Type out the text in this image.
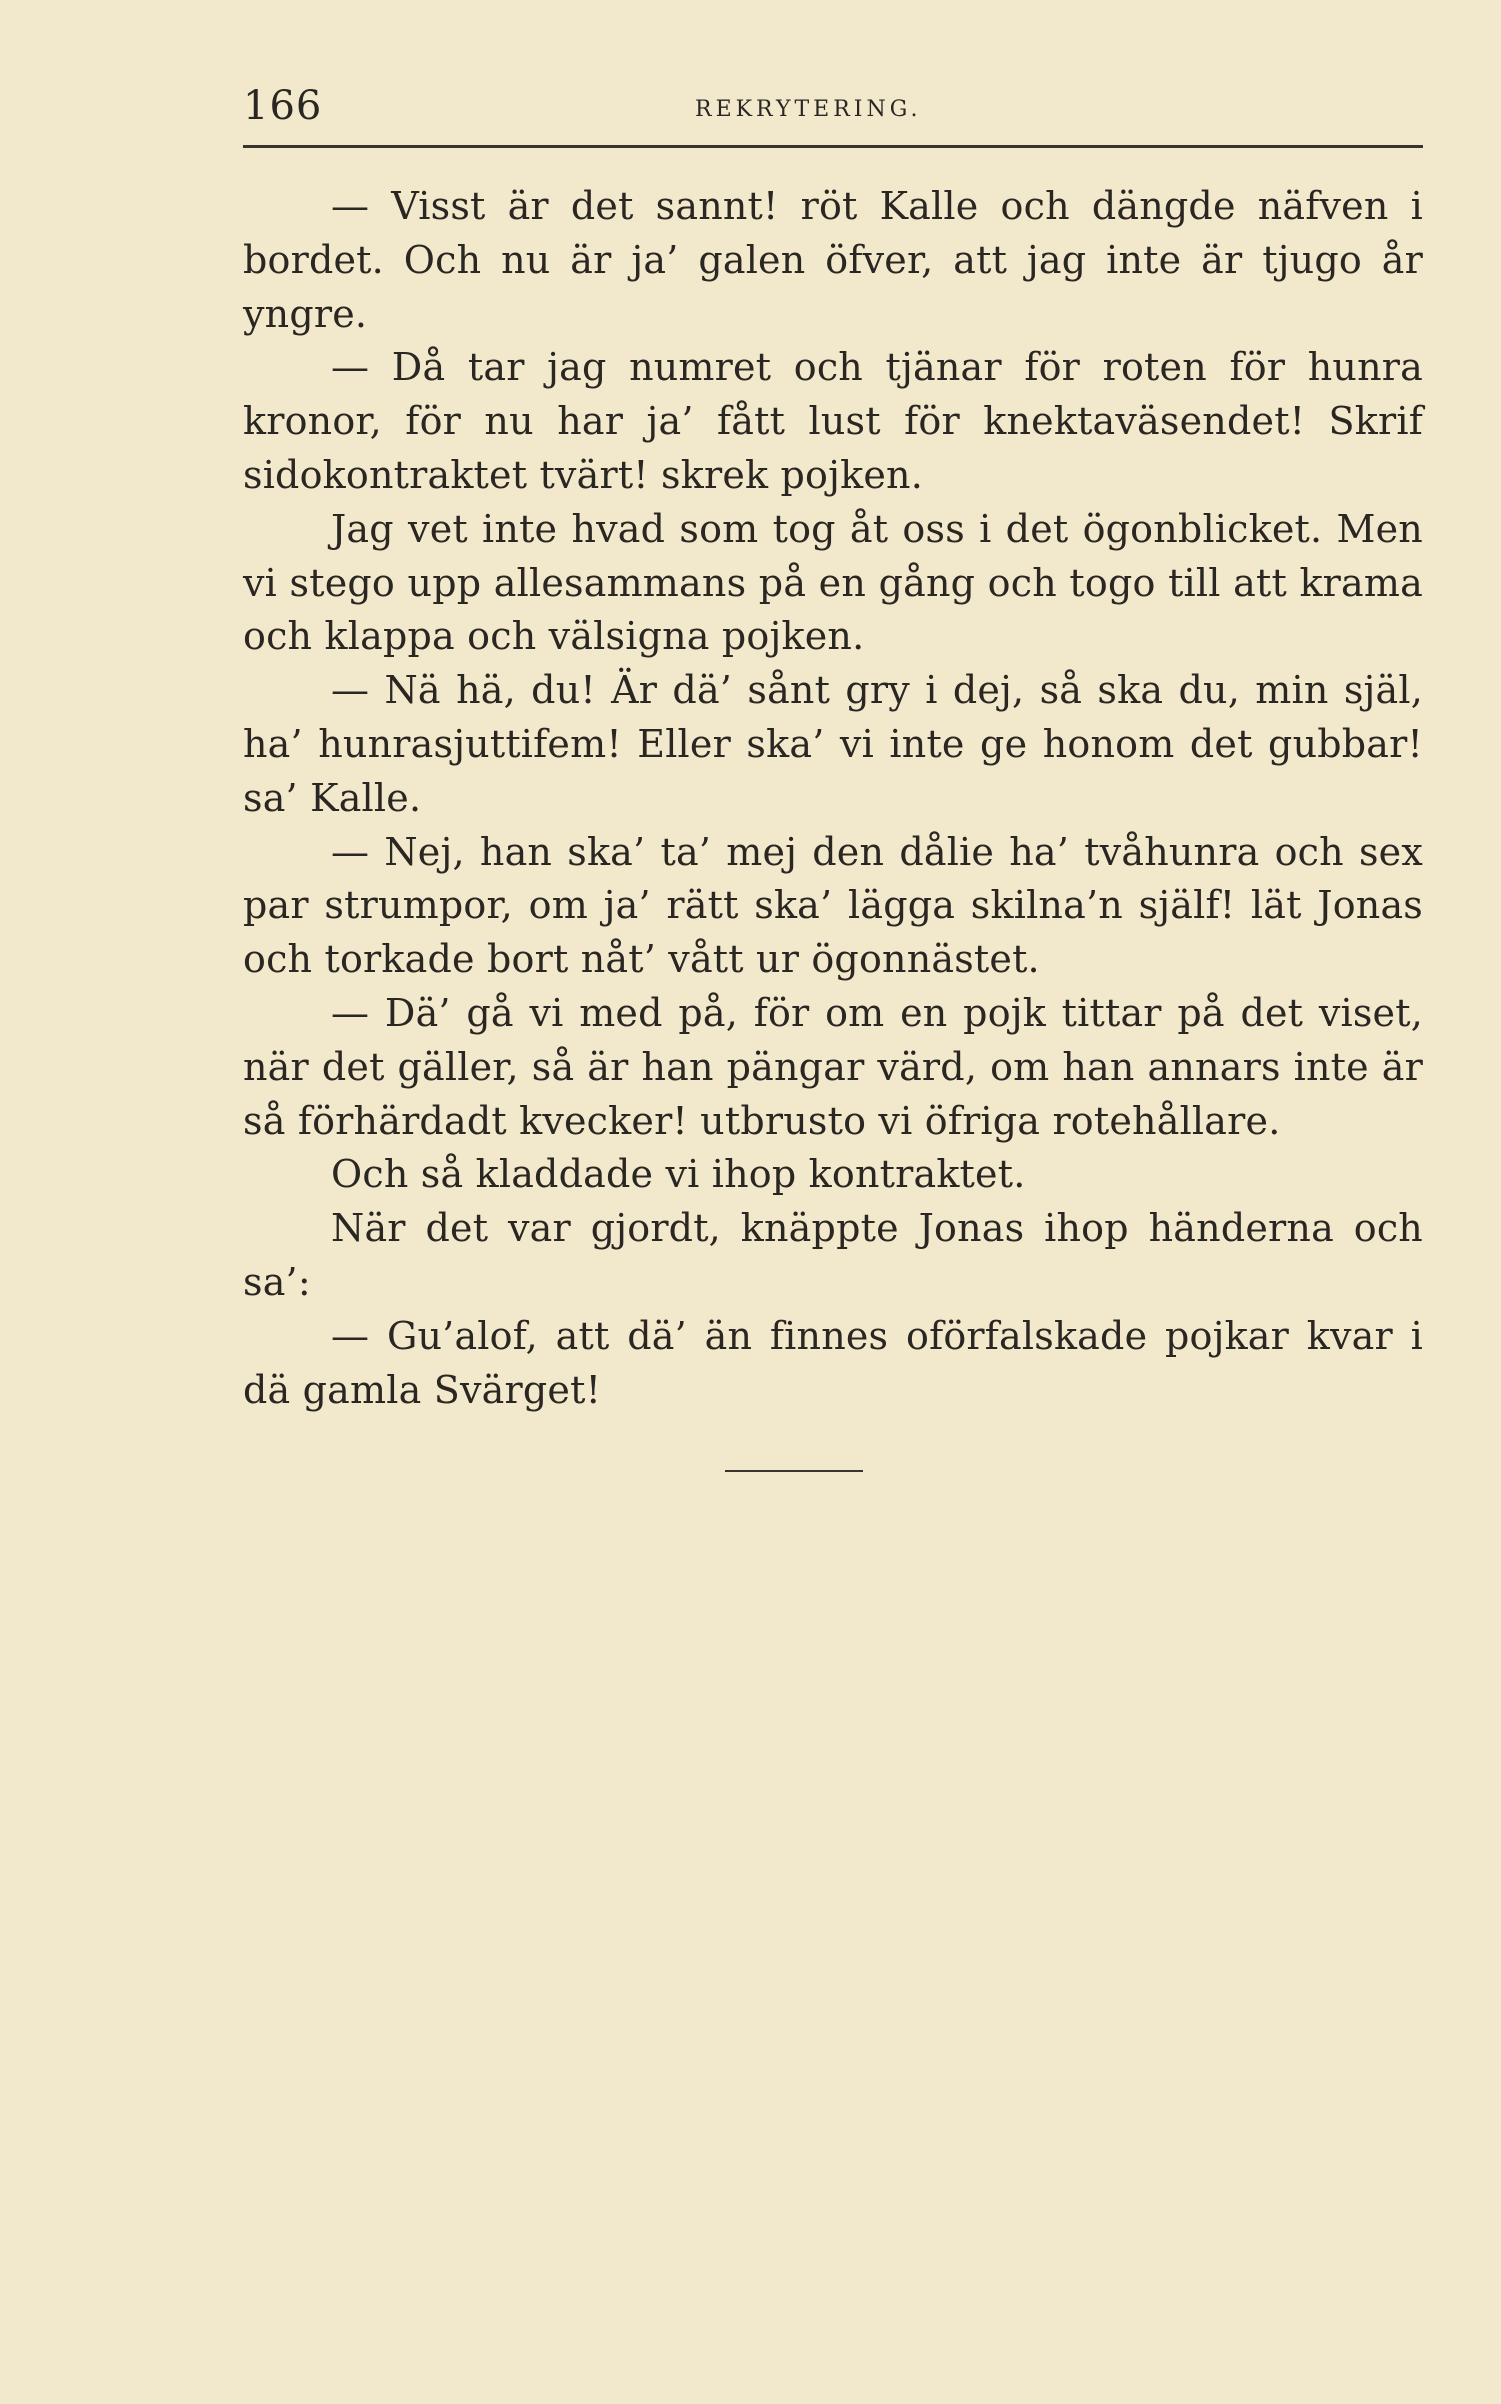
166	REKRYTERING.

— Visst är det sannt! röt Kalle och dängde näfven i bordet. Och nu är ja’ galen öfver, att jag inte är tjugo år yngre.

— Då tar jag numret och tjänar för roten för hunra kronor, för nu har ja’ fått lust för knektaväsendet! Skrif sidokontraktet tvärt! skrek pojken.

Jag vet inte hvad som tog åt oss i det ögonblicket. Men vi stego upp allesammans på en gång och togo till att krama och klappa och välsigna pojken.

— Nä hä, du! Är dä’ sånt gry i dej, så ska du, min själ, ha’ hunrasjuttifem! Eller ska’ vi inte ge honom det gubbar! sa’ Kalle.

— Nej, han ska’ ta’ mej den dålie ha’ tvåhunra och sex par strumpor, om ja’ rätt ska’ lägga skilna’n själf! lät Jonas och torkade bort nåt’ vått ur ögonnästet.

— Dä’ gå vi med på, för om en pojk tittar på det viset, när det gäller, så är han pängar värd, om han annars inte är så förhärdadt kvecker! utbrusto vi öfriga rotehållare.

Och så kladdade vi ihop kontraktet.

När det var gjordt, knäppte Jonas ihop händerna och sa’:

— Gu’alof, att dä’ än finnes oförfalskade pojkar kvar i dä gamla Svärget!
